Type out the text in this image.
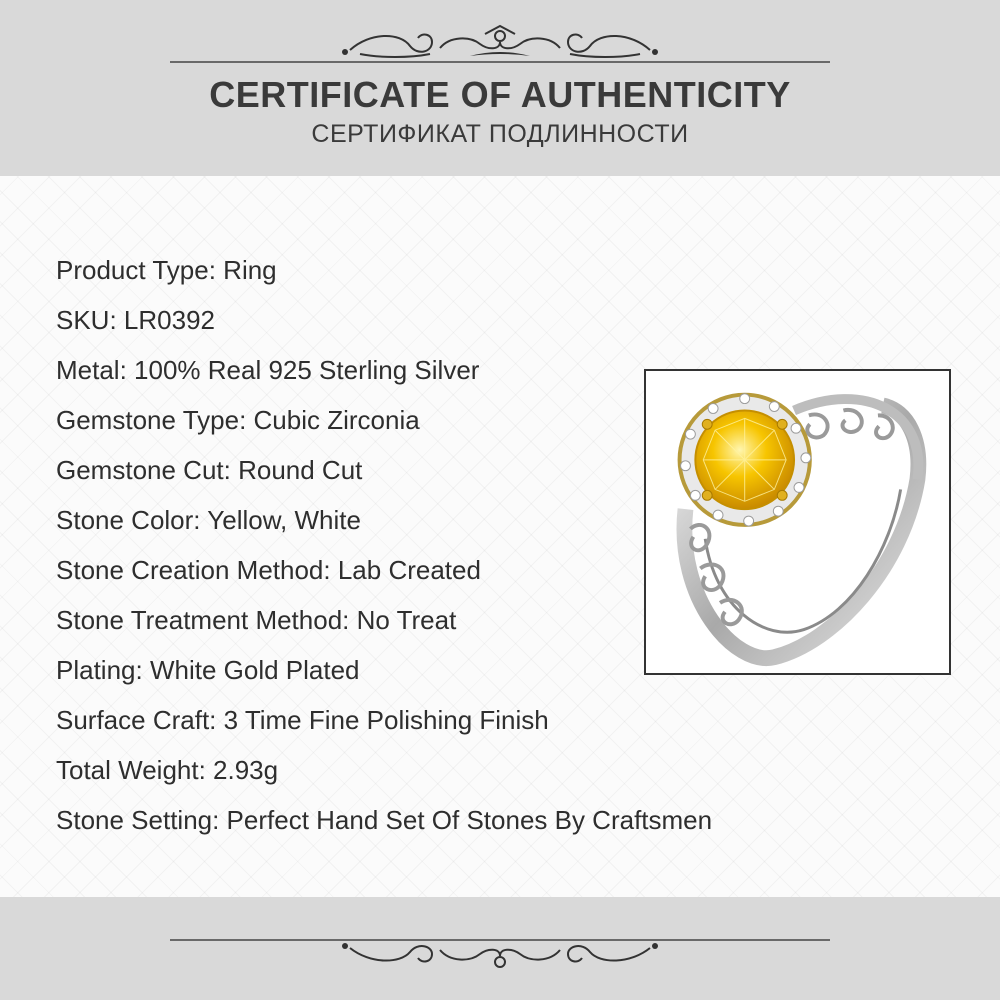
CERTIFICATE OF AUTHENTICITY
СЕРТИФИКАТ ПОДЛИННОСТИ
Product Type: Ring
SKU: LR0392
Metal: 100% Real 925 Sterling Silver
Gemstone Type: Cubic Zirconia
Gemstone Cut: Round Cut
Stone Color: Yellow, White
Stone Creation Method: Lab Created
Stone Treatment Method: No Treat
Plating: White Gold Plated
Surface Craft: 3 Time Fine Polishing Finish
Total Weight: 2.93g
Stone Setting: Perfect Hand Set Of Stones By Craftsmen
